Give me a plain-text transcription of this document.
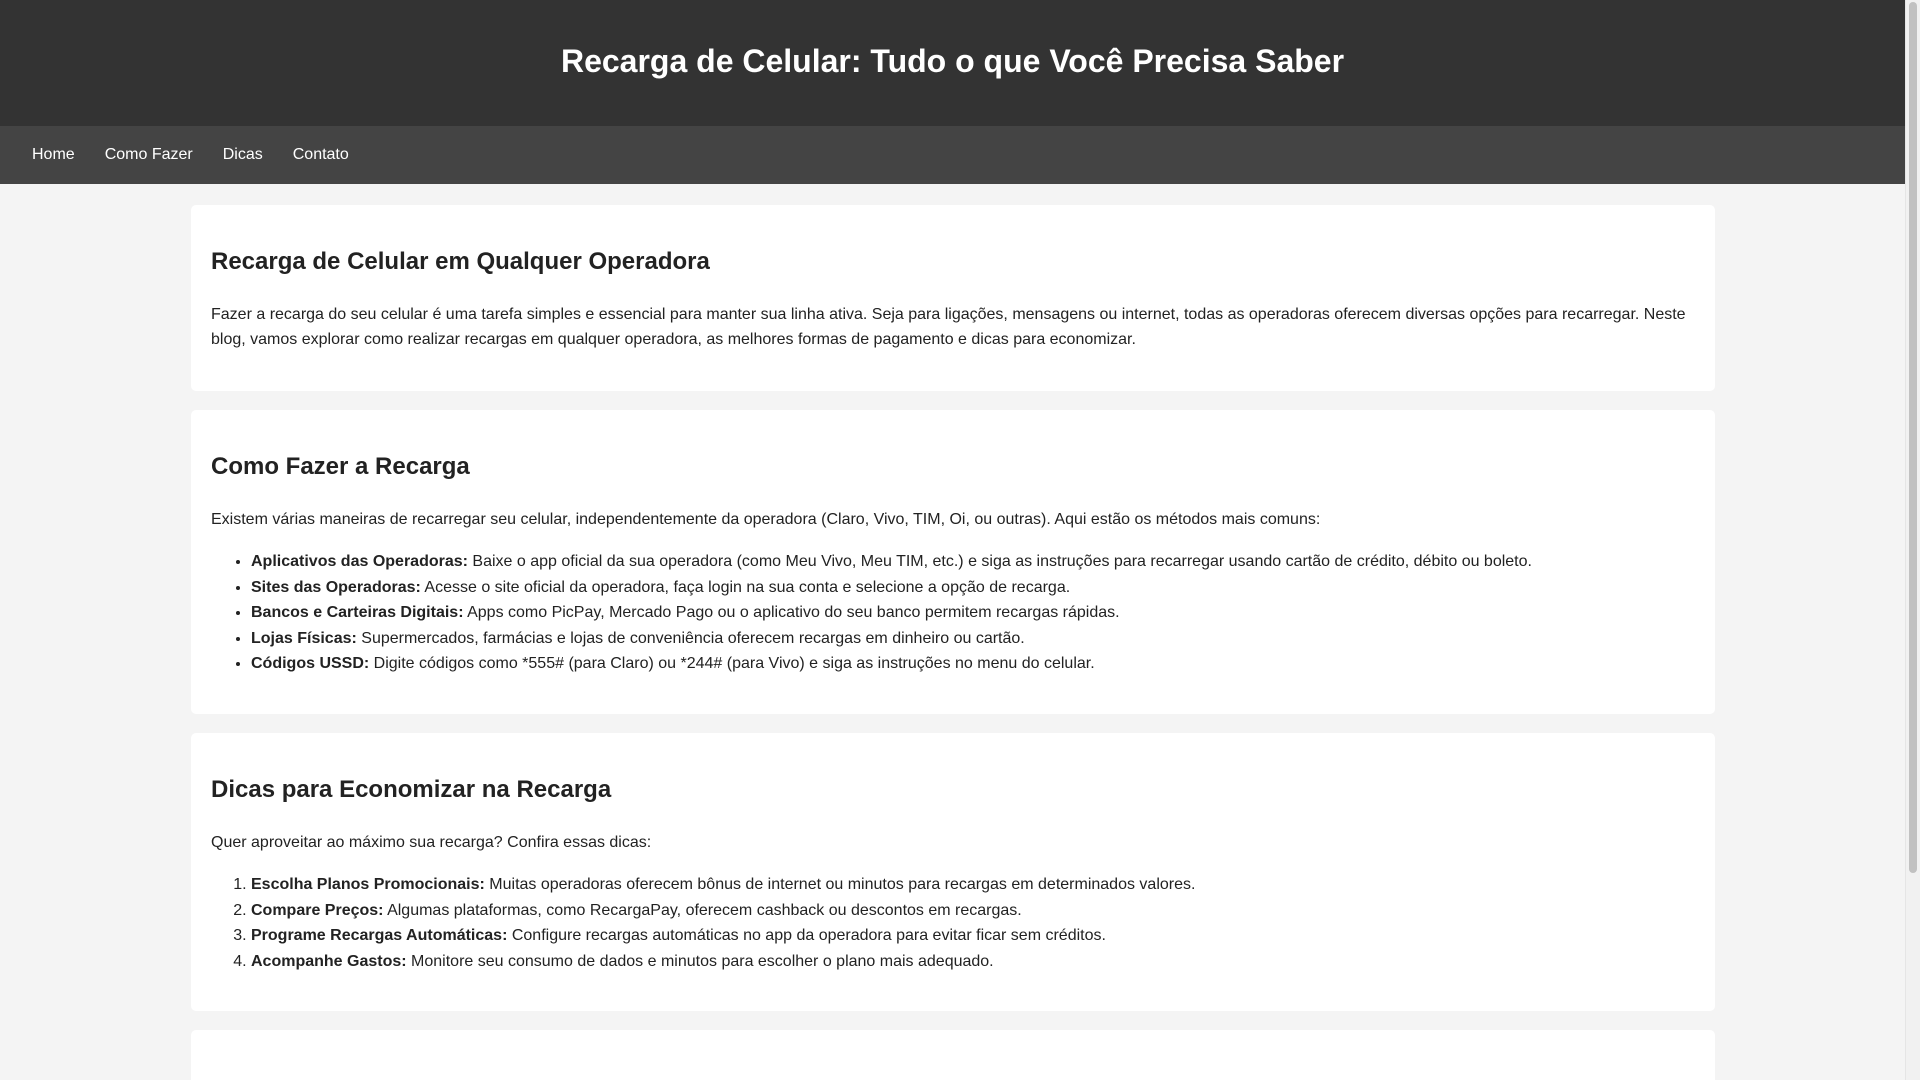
Recarga de Celular: Tudo o que Você Precisa Saber
Home	Como Fazer	Dicas	Contato
Recarga de Celular em Qualquer Operadora

Fazer a recarga do seu celular é uma tarefa simples e essencial para manter sua linha ativa. Seja para ligações, mensagens ou internet, todas as operadoras oferecem diversas opções para recarregar. Neste blog, vamos explorar como realizar recargas em qualquer operadora, as melhores formas de pagamento e dicas para economizar.

Como Fazer a Recarga

Existem várias maneiras de recarregar seu celular, independentemente da operadora (Claro, Vivo, TIM, Oi, ou outras). Aqui estão os métodos mais comuns:

• Aplicativos das Operadoras: Baixe o app oficial da sua operadora (como Meu Vivo, Meu TIM, etc.) e siga as instruções para recarregar usando cartão de crédito, débito ou boleto.
• Sites das Operadoras: Acesse o site oficial da operadora, faça login na sua conta e selecione a opção de recarga.
• Bancos e Carteiras Digitais: Apps como PicPay, Mercado Pago ou o aplicativo do seu banco permitem recargas rápidas.
• Lojas Físicas: Supermercados, farmácias e lojas de conveniência oferecem recargas em dinheiro ou cartão.
• Códigos USSD: Digite códigos como *555# (para Claro) ou *244# (para Vivo) e siga as instruções no menu do celular.
Dicas para Economizar na Recarga

Quer aproveitar ao máximo sua recarga? Confira essas dicas:

1. Escolha Planos Promocionais: Muitas operadoras oferecem bônus de internet ou minutos para recargas em determinados valores.
2. Compare Preços: Algumas plataformas, como RecargaPay, oferecem cashback ou descontos em recargas.
3. Programe Recargas Automáticas: Configure recargas automáticas no app da operadora para evitar ficar sem créditos.
4. Acompanhe Gastos: Monitore seu consumo de dados e minutos para escolher o plano mais adequado.
